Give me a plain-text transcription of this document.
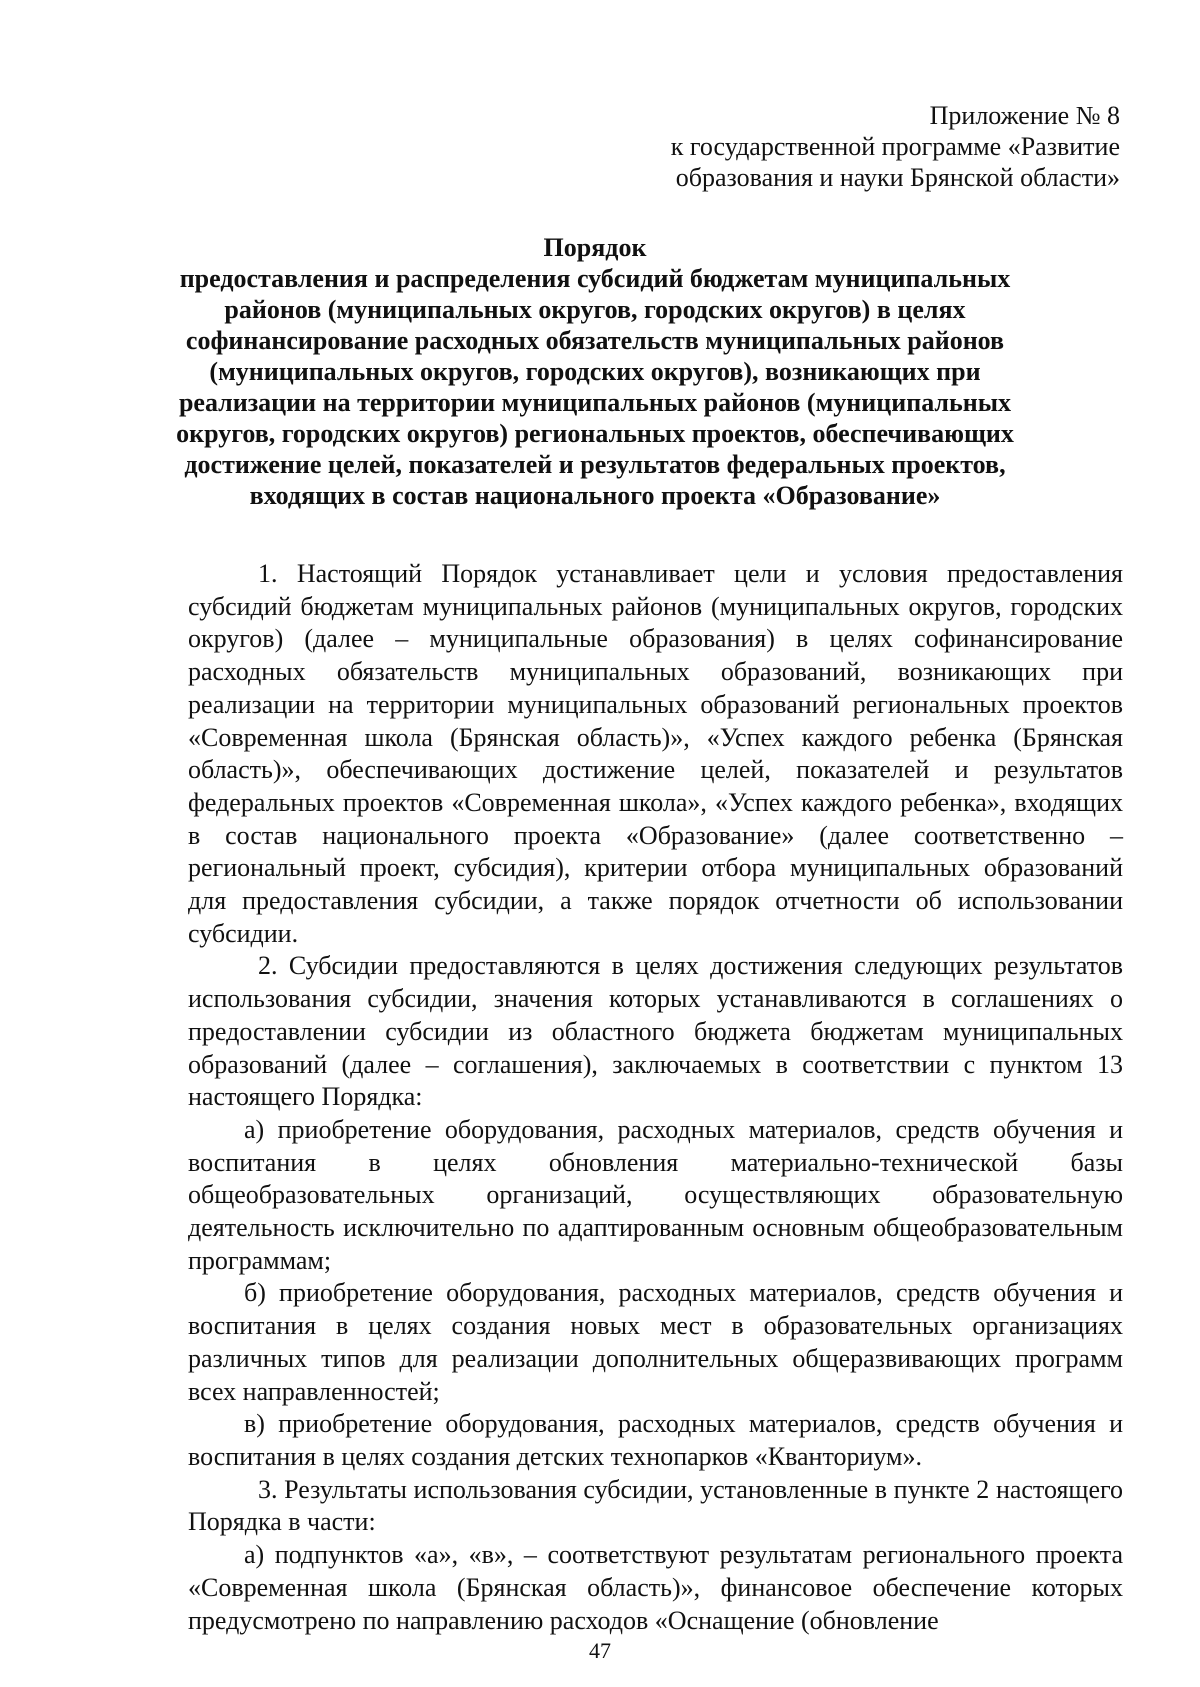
Приложение № 8
к государственной программе «Развитие
образования и науки Брянской области»
Порядок
предоставления и распределения субсидий бюджетам муниципальных
районов (муниципальных округов, городских округов) в целях
софинансирование расходных обязательств муниципальных районов
(муниципальных округов, городских округов), возникающих при
реализации на территории муниципальных районов (муниципальных
округов, городских округов) региональных проектов, обеспечивающих
достижение целей, показателей и результатов федеральных проектов,
входящих в состав национального проекта «Образование»

1. Настоящий Порядок устанавливает цели и условия предоставления субсидий бюджетам муниципальных районов (муниципальных округов, городских округов) (далее – муниципальные образования) в целях софинансирование расходных обязательств муниципальных образований, возникающих при реализации на территории муниципальных образований региональных проектов «Современная школа (Брянская область)», «Успех каждого ребенка (Брянская область)», обеспечивающих достижение целей, показателей и результатов федеральных проектов «Современная школа», «Успех каждого ребенка», входящих в состав национального проекта «Образование» (далее соответственно – региональный проект, субсидия), критерии отбора муниципальных образований для предоставления субсидии, а также порядок отчетности об использовании субсидии.

2. Субсидии предоставляются в целях достижения следующих результатов использования субсидии, значения которых устанавливаются в соглашениях о предоставлении субсидии из областного бюджета бюджетам муниципальных образований (далее – соглашения), заключаемых в соответствии с пунктом 13 настоящего Порядка:

а) приобретение оборудования, расходных материалов, средств обучения и воспитания в целях обновления материально-технической базы общеобразовательных организаций, осуществляющих образовательную деятельность исключительно по адаптированным основным общеобразовательным программам;

б) приобретение оборудования, расходных материалов, средств обучения и воспитания в целях создания новых мест в образовательных организациях различных типов для реализации дополнительных общеразвивающих программ всех направленностей;

в) приобретение оборудования, расходных материалов, средств обучения и воспитания в целях создания детских технопарков «Кванториум».

3. Результаты использования субсидии, установленные в пункте 2 настоящего Порядка в части:

а) подпунктов «а», «в», – соответствуют результатам регионального проекта «Современная школа (Брянская область)», финансовое обеспечение которых предусмотрено по направлению расходов «Оснащение (обновление

47
